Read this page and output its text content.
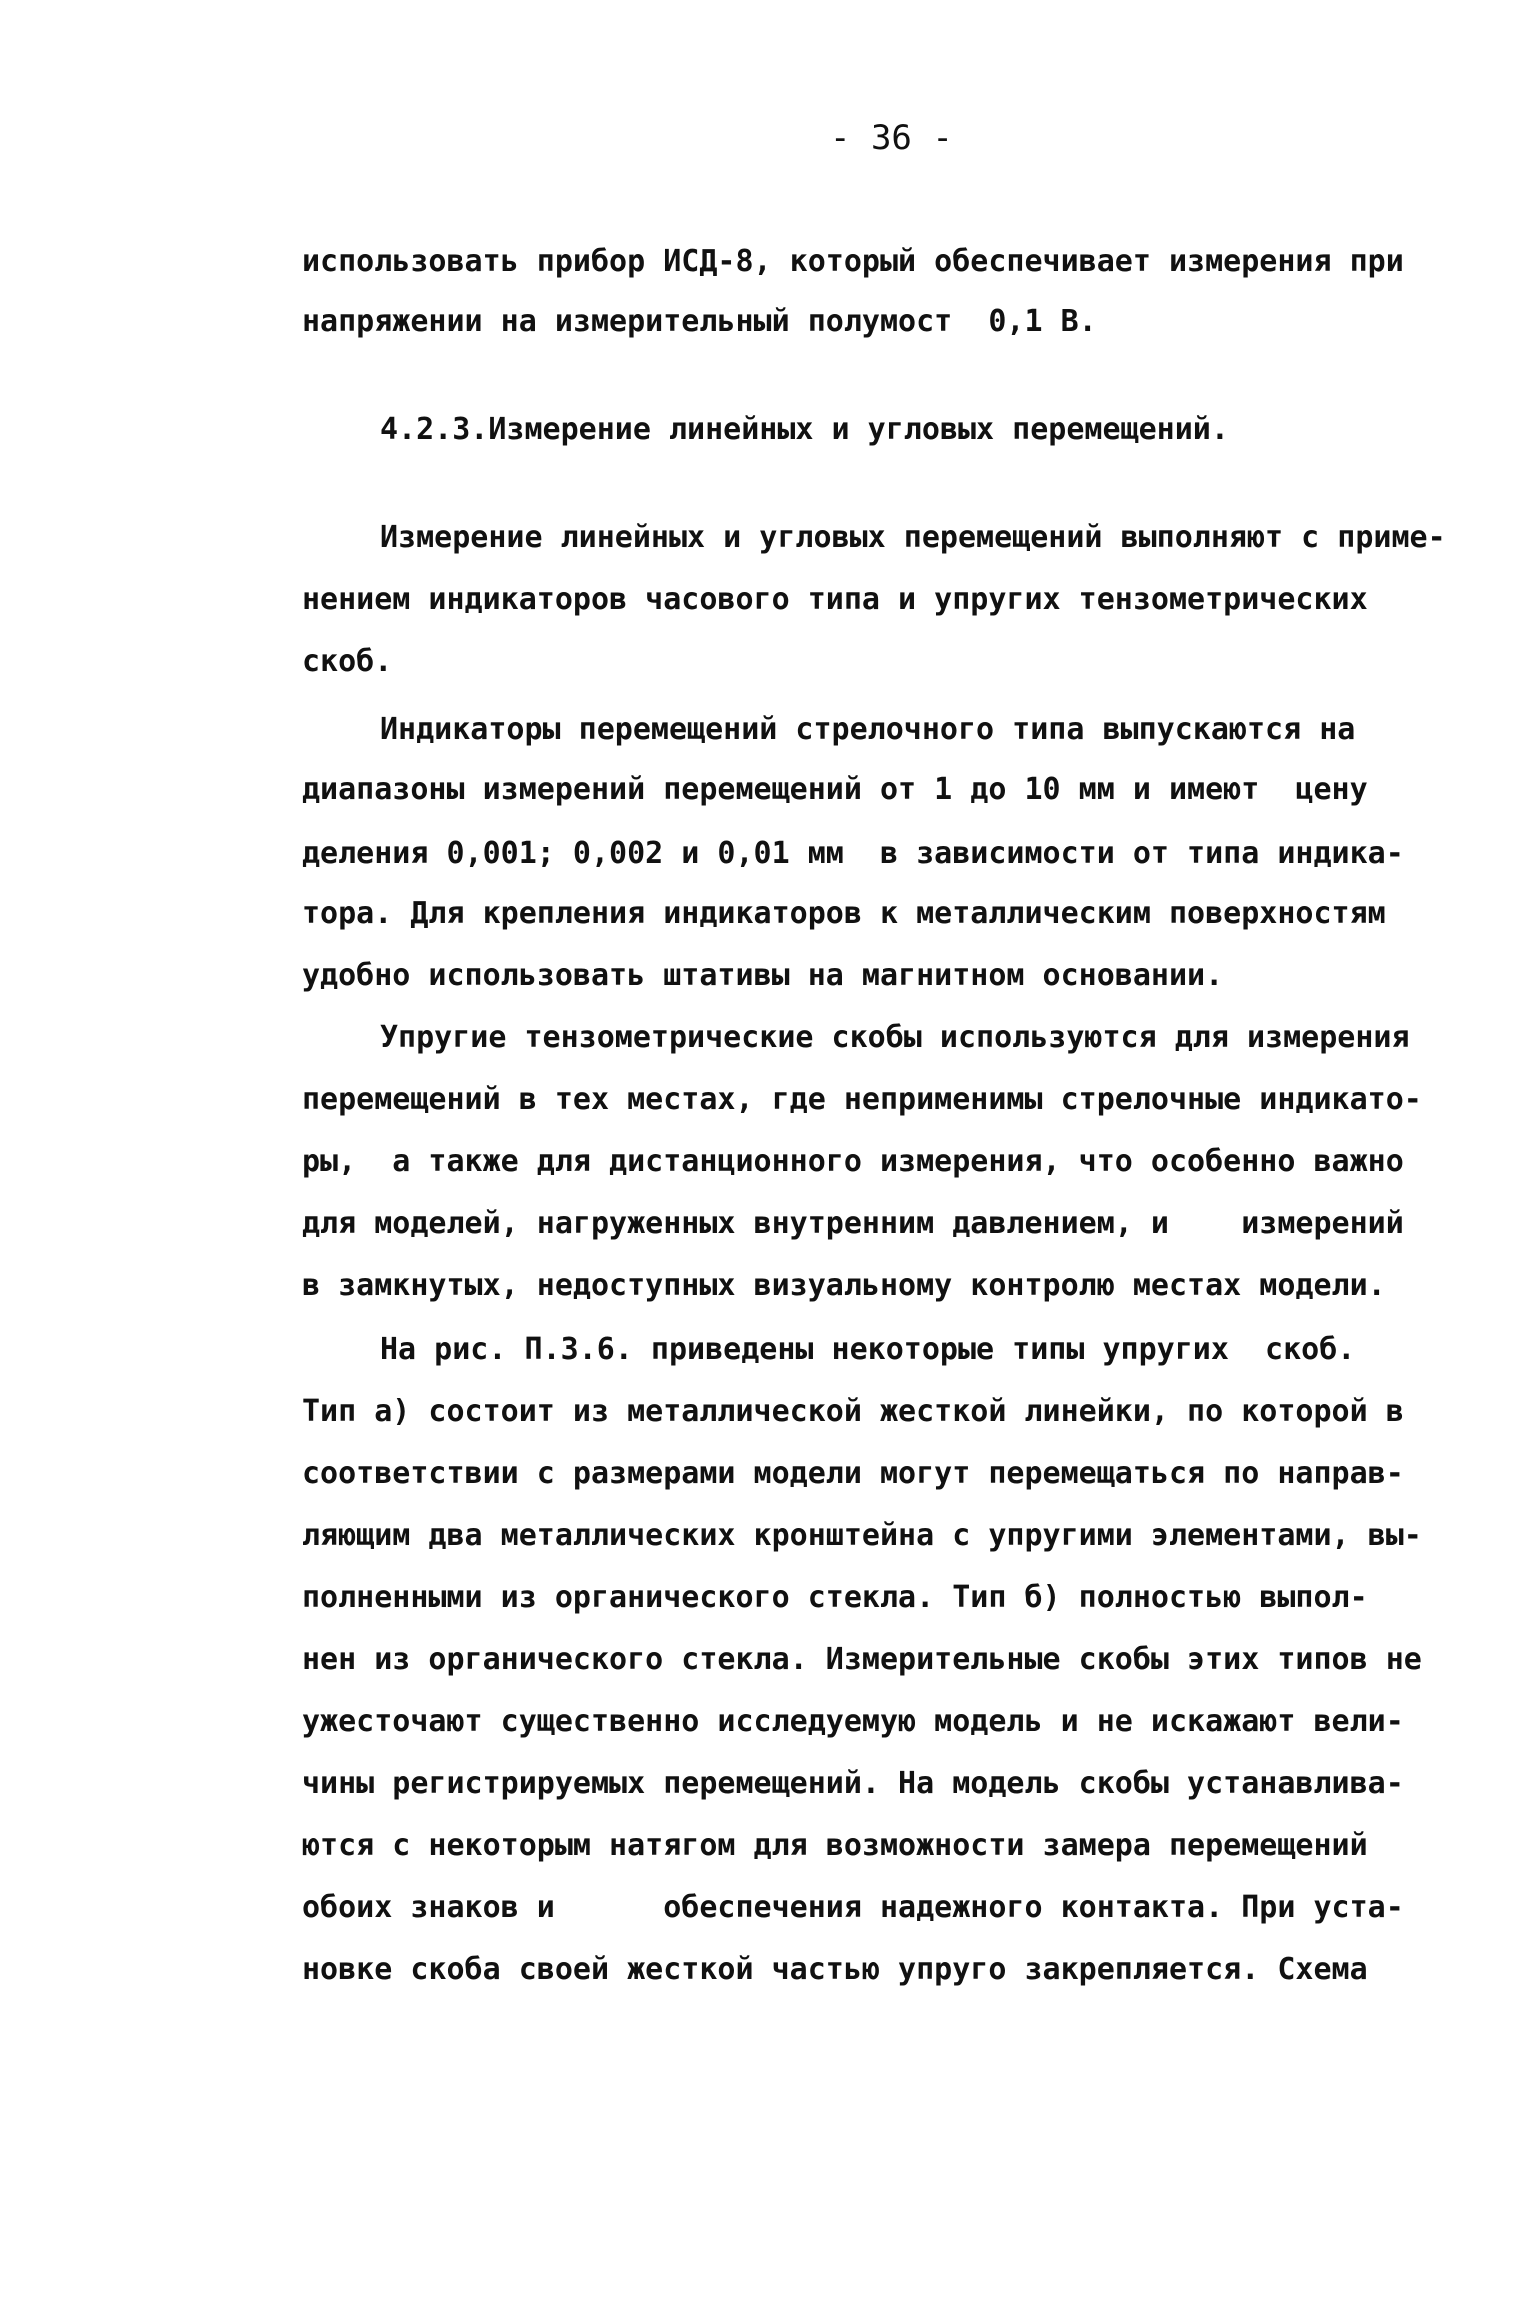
- 36 -
использовать прибор ИСД-8, который обеспечивает измерения при
напряжении на измерительный полумост  0,1 В.
4.2.3.Измерение линейных и угловых перемещений.
Измерение линейных и угловых перемещений выполняют с приме-
нением индикаторов часового типа и упругих тензометрических
скоб.
Индикаторы перемещений стрелочного типа выпускаются на
диапазоны измерений перемещений от 1 до 10 мм и имеют  цену
деления 0,001; 0,002 и 0,01 мм  в зависимости от типа индика-
тора. Для крепления индикаторов к металлическим поверхностям
удобно использовать штативы на магнитном основании.
Упругие тензометрические скобы используются для измерения
перемещений в тех местах, где неприменимы стрелочные индикато-
ры,  а также для дистанционного измерения, что особенно важно
для моделей, нагруженных внутренним давлением, и    измерений
в замкнутых, недоступных визуальному контролю местах модели.
На рис. П.3.6. приведены некоторые типы упругих  скоб.
Тип а) состоит из металлической жесткой линейки, по которой в
соответствии с размерами модели могут перемещаться по направ-
ляющим два металлических кронштейна с упругими элементами, вы-
полненными из органического стекла. Тип б) полностью выпол-
нен из органического стекла. Измерительные скобы этих типов не
ужесточают существенно исследуемую модель и не искажают вели-
чины регистрируемых перемещений. На модель скобы устанавлива-
ются с некоторым натягом для возможности замера перемещений
обоих знаков и      обеспечения надежного контакта. При уста-
новке скоба своей жесткой частью упруго закрепляется. Схема
